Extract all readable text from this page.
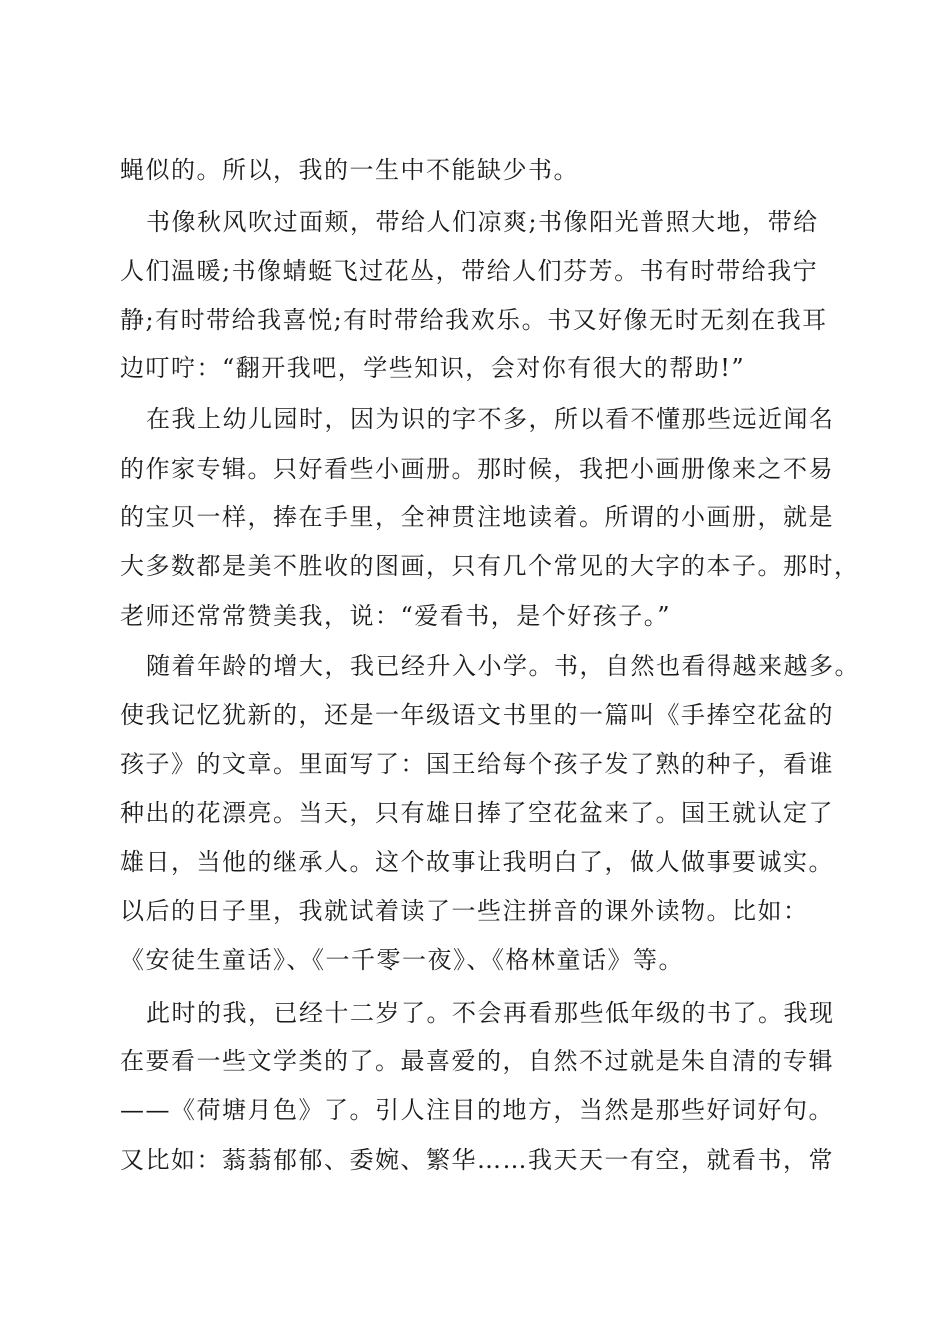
蝇似的。所以，我的一生中不能缺少书。
书像秋风吹过面颊，带给人们凉爽;书像阳光普照大地，带给
人们温暖;书像蜻蜓飞过花丛，带给人们芬芳。书有时带给我宁
静;有时带给我喜悦;有时带给我欢乐。书又好像无时无刻在我耳
边叮咛：“翻开我吧，学些知识，会对你有很大的帮助!”
在我上幼儿园时，因为识的字不多，所以看不懂那些远近闻名
的作家专辑。只好看些小画册。那时候，我把小画册像来之不易
的宝贝一样，捧在手里，全神贯注地读着。所谓的小画册，就是
大多数都是美不胜收的图画，只有几个常见的大字的本子。那时，
老师还常常赞美我，说：“爱看书，是个好孩子。”
随着年龄的增大，我已经升入小学。书，自然也看得越来越多。
使我记忆犹新的，还是一年级语文书里的一篇叫《手捧空花盆的
孩子》的文章。里面写了：国王给每个孩子发了熟的种子，看谁
种出的花漂亮。当天，只有雄日捧了空花盆来了。国王就认定了
雄日，当他的继承人。这个故事让我明白了，做人做事要诚实。
以后的日子里，我就试着读了一些注拼音的课外读物。比如：
《安徒生童话》、《一千零一夜》、《格林童话》等。
此时的我，已经十二岁了。不会再看那些低年级的书了。我现
在要看一些文学类的了。最喜爱的，自然不过就是朱自清的专辑
——《荷塘月色》了。引人注目的地方，当然是那些好词好句。
又比如：蓊蓊郁郁、委婉、繁华……我天天一有空，就看书，常
